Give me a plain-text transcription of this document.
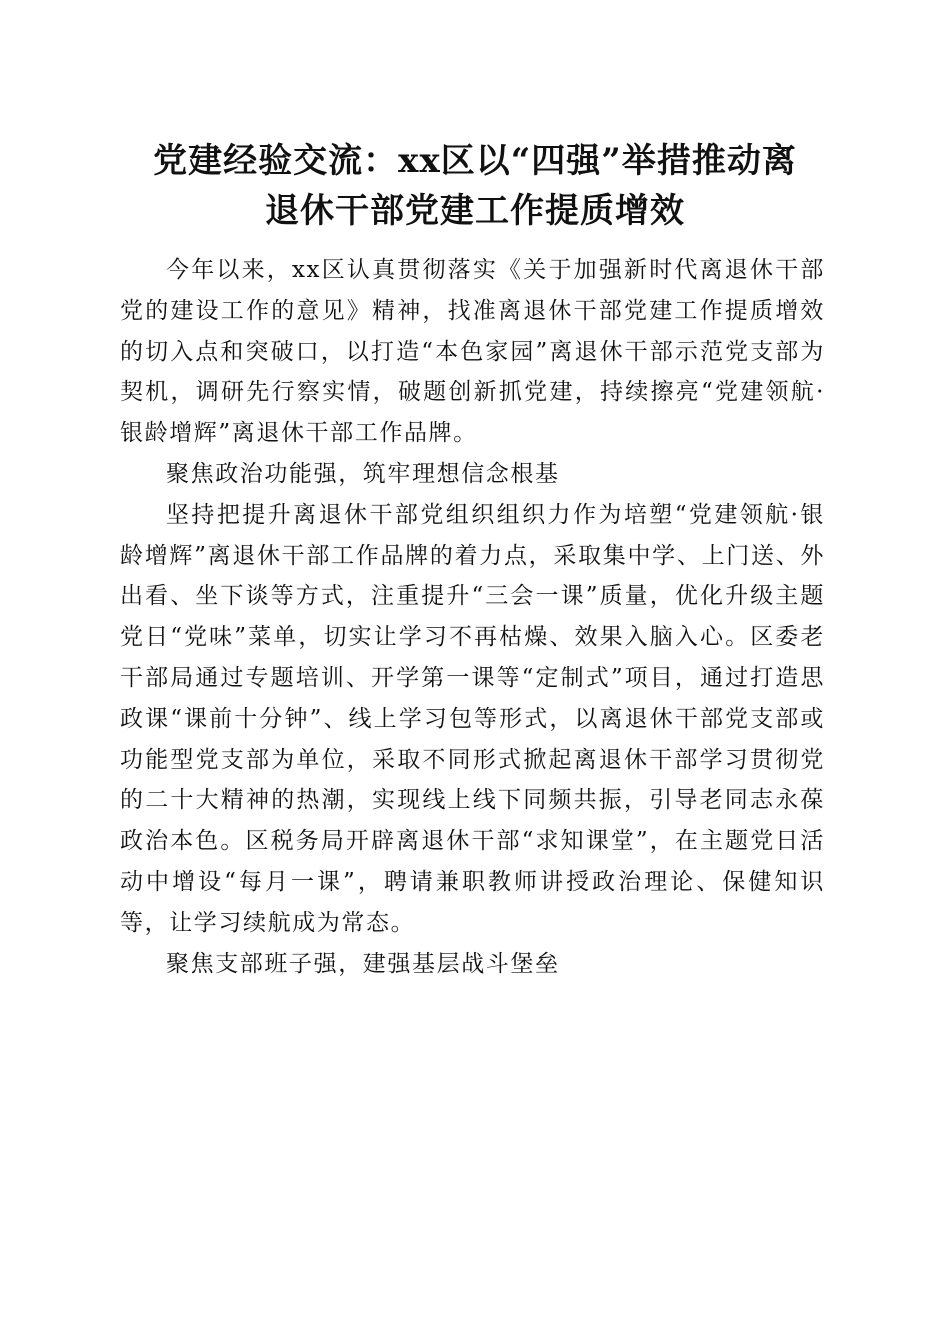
党建经验交流：xx区以“四强”举措推动离
退休干部党建工作提质增效

今年以来，xx区认真贯彻落实《关于加强新时代离退休干部党的建设工作的意见》精神，找准离退休干部党建工作提质增效的切入点和突破口，以打造“本色家园”离退休干部示范党支部为契机，调研先行察实情，破题创新抓党建，持续擦亮“党建领航·银龄增辉”离退休干部工作品牌。

聚焦政治功能强，筑牢理想信念根基

坚持把提升离退休干部党组织组织力作为培塑“党建领航·银龄增辉”离退休干部工作品牌的着力点，采取集中学、上门送、外出看、坐下谈等方式，注重提升“三会一课”质量，优化升级主题党日“党味”菜单，切实让学习不再枯燥、效果入脑入心。区委老干部局通过专题培训、开学第一课等“定制式”项目，通过打造思政课“课前十分钟”、线上学习包等形式，以离退休干部党支部或功能型党支部为单位，采取不同形式掀起离退休干部学习贯彻党的二十大精神的热潮，实现线上线下同频共振，引导老同志永葆政治本色。区税务局开辟离退休干部“求知课堂”，在主题党日活动中增设“每月一课”，聘请兼职教师讲授政治理论、保健知识等，让学习续航成为常态。

聚焦支部班子强，建强基层战斗堡垒
